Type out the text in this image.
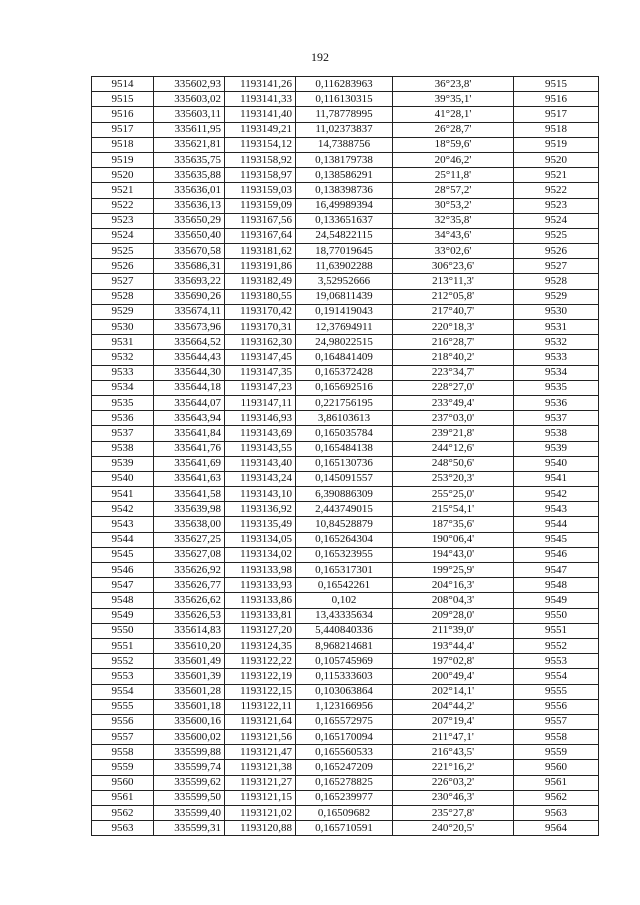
192
9514	335602,93	1193141,26	0,116283963	36°23,8'	9515
9515	335603,02	1193141,33	0,116130315	39°35,1'	9516
9516	335603,11	1193141,40	11,78778995	41°28,1'	9517
9517	335611,95	1193149,21	11,02373837	26°28,7'	9518
9518	335621,81	1193154,12	14,7388756	18°59,6'	9519
9519	335635,75	1193158,92	0,138179738	20°46,2'	9520
9520	335635,88	1193158,97	0,138586291	25°11,8'	9521
9521	335636,01	1193159,03	0,138398736	28°57,2'	9522
9522	335636,13	1193159,09	16,49989394	30°53,2'	9523
9523	335650,29	1193167,56	0,133651637	32°35,8'	9524
9524	335650,40	1193167,64	24,54822115	34°43,6'	9525
9525	335670,58	1193181,62	18,77019645	33°02,6'	9526
9526	335686,31	1193191,86	11,63902288	306°23,6'	9527
9527	335693,22	1193182,49	3,52952666	213°11,3'	9528
9528	335690,26	1193180,55	19,06811439	212°05,8'	9529
9529	335674,11	1193170,42	0,191419043	217°40,7'	9530
9530	335673,96	1193170,31	12,37694911	220°18,3'	9531
9531	335664,52	1193162,30	24,98022515	216°28,7'	9532
9532	335644,43	1193147,45	0,164841409	218°40,2'	9533
9533	335644,30	1193147,35	0,165372428	223°34,7'	9534
9534	335644,18	1193147,23	0,165692516	228°27,0'	9535
9535	335644,07	1193147,11	0,221756195	233°49,4'	9536
9536	335643,94	1193146,93	3,86103613	237°03,0'	9537
9537	335641,84	1193143,69	0,165035784	239°21,8'	9538
9538	335641,76	1193143,55	0,165484138	244°12,6'	9539
9539	335641,69	1193143,40	0,165130736	248°50,6'	9540
9540	335641,63	1193143,24	0,145091557	253°20,3'	9541
9541	335641,58	1193143,10	6,390886309	255°25,0'	9542
9542	335639,98	1193136,92	2,443749015	215°54,1'	9543
9543	335638,00	1193135,49	10,84528879	187°35,6'	9544
9544	335627,25	1193134,05	0,165264304	190°06,4'	9545
9545	335627,08	1193134,02	0,165323955	194°43,0'	9546
9546	335626,92	1193133,98	0,165317301	199°25,9'	9547
9547	335626,77	1193133,93	0,16542261	204°16,3'	9548
9548	335626,62	1193133,86	0,102	208°04,3'	9549
9549	335626,53	1193133,81	13,43335634	209°28,0'	9550
9550	335614,83	1193127,20	5,440840336	211°39,0'	9551
9551	335610,20	1193124,35	8,968214681	193°44,4'	9552
9552	335601,49	1193122,22	0,105745969	197°02,8'	9553
9553	335601,39	1193122,19	0,115333603	200°49,4'	9554
9554	335601,28	1193122,15	0,103063864	202°14,1'	9555
9555	335601,18	1193122,11	1,123166956	204°44,2'	9556
9556	335600,16	1193121,64	0,165572975	207°19,4'	9557
9557	335600,02	1193121,56	0,165170094	211°47,1'	9558
9558	335599,88	1193121,47	0,165560533	216°43,5'	9559
9559	335599,74	1193121,38	0,165247209	221°16,2'	9560
9560	335599,62	1193121,27	0,165278825	226°03,2'	9561
9561	335599,50	1193121,15	0,165239977	230°46,3'	9562
9562	335599,40	1193121,02	0,16509682	235°27,8'	9563
9563	335599,31	1193120,88	0,165710591	240°20,5'	9564
